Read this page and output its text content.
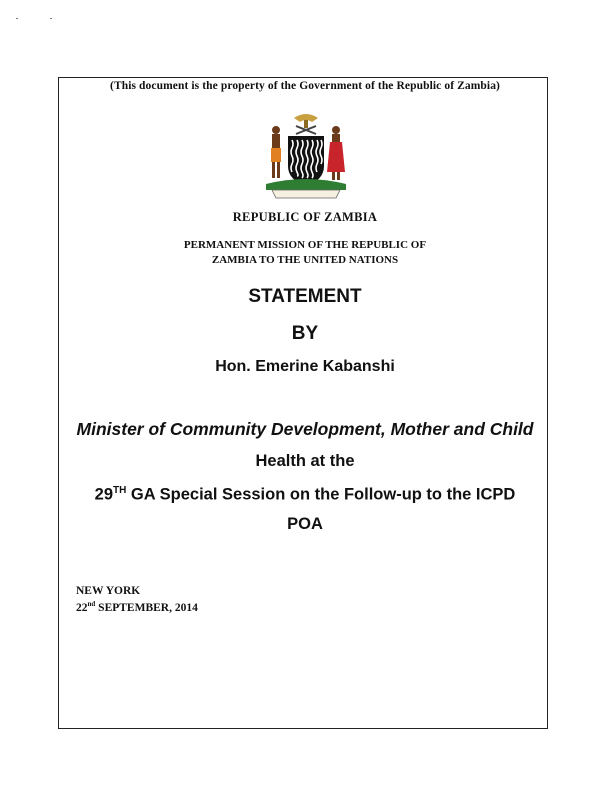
(This document is the property of the Government of the Republic of Zambia)
REPUBLIC OF ZAMBIA
PERMANENT MISSION OF THE REPUBLIC OF
ZAMBIA TO THE UNITED NATIONS
STATEMENT
BY
Hon. Emerine Kabanshi
Minister of Community Development, Mother and Child
Health at the
29TH GA Special Session on the Follow-up to the ICPD
POA
NEW YORK
22nd SEPTEMBER, 2014
